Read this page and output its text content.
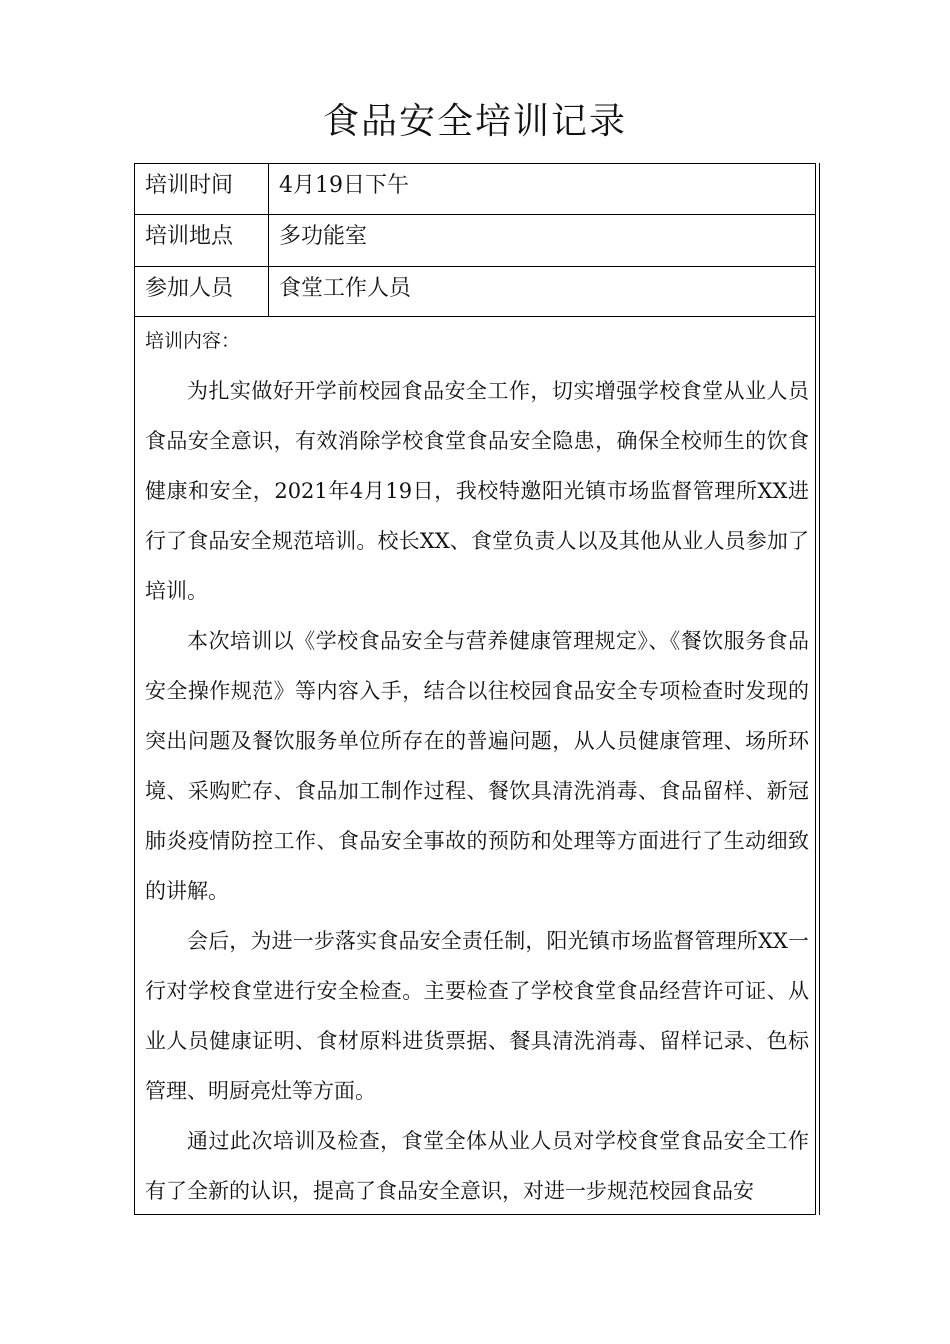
食品安全培训记录
培训时间	4月19日下午
培训地点	多功能室
参加人员	食堂工作人员
培训内容：

为扎实做好开学前校园食品安全工作，切实增强学校食堂从业人员食品安全意识，有效消除学校食堂食品安全隐患，确保全校师生的饮食健康和安全，2021年4月19日，我校特邀阳光镇市场监督管理所XX进行了食品安全规范培训。校长XX、食堂负责人以及其他从业人员参加了培训。

本次培训以《学校食品安全与营养健康管理规定》、《餐饮服务食品安全操作规范》等内容入手，结合以往校园食品安全专项检查时发现的突出问题及餐饮服务单位所存在的普遍问题，从人员健康管理、场所环境、采购贮存、食品加工制作过程、餐饮具清洗消毒、食品留样、新冠肺炎疫情防控工作、食品安全事故的预防和处理等方面进行了生动细致的讲解。

会后，为进一步落实食品安全责任制，阳光镇市场监督管理所XX一行对学校食堂进行安全检查。主要检查了学校食堂食品经营许可证、从业人员健康证明、食材原料进货票据、餐具清洗消毒、留样记录、色标管理、明厨亮灶等方面。

通过此次培训及检查，食堂全体从业人员对学校食堂食品安全工作有了全新的认识，提高了食品安全意识，对进一步规范校园食品安
